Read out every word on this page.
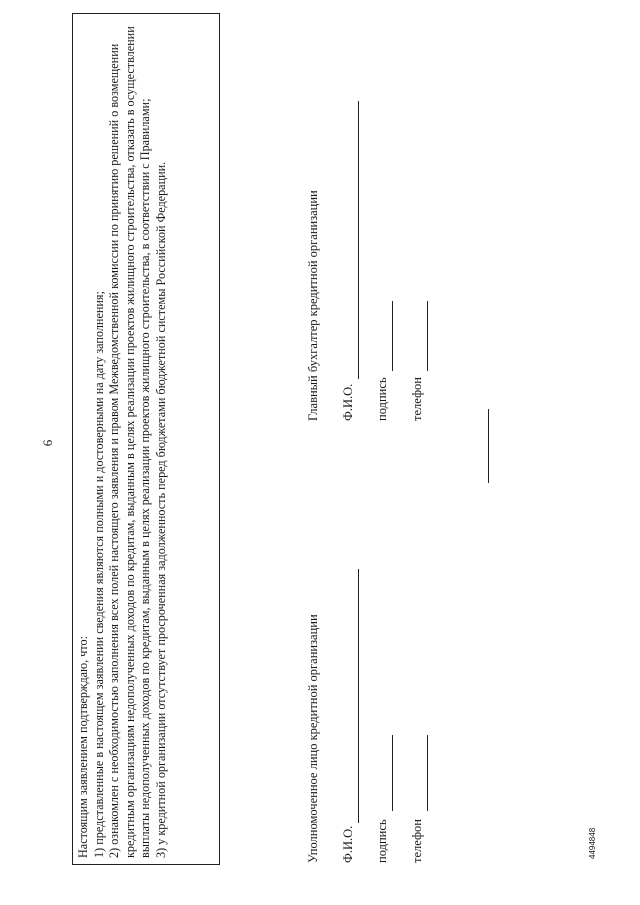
6

Настоящим заявлением подтверждаю, что: 1) представленные в настоящем заявлении сведения являются полными и достоверными на дату заполнения; 2) ознакомлен с необходимостью заполнения всех полей настоящего заявления и правом Межведомственной комиссии по принятию решений о возмещении кредитным организациям недополученных доходов по кредитам, выданным в целях реализации проектов жилищного строительства, отказать в осуществлении выплаты недополученных доходов по кредитам, выданным в целях реализации проектов жилищного строительства, в соответствии с Правилами; 3) у кредитной организации отсутствует просроченная задолженность перед бюджетами бюджетной системы Российской Федерации.	Уполномоченное лицо кредитной организации Ф.И.О. подпись телефон
Главный бухгалтер кредитной организации Ф.И.О. подпись телефон
4494848
